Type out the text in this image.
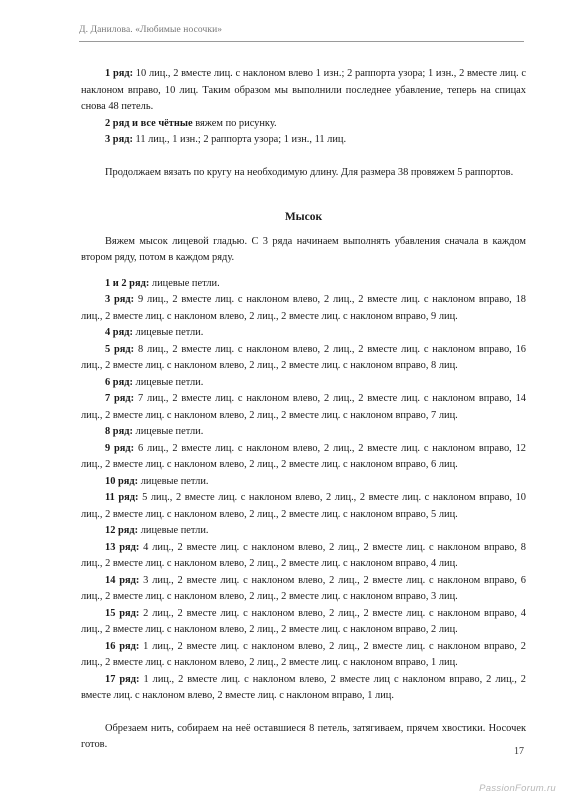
Д. Данилова. «Любимые носочки»

1 ряд: 10 лиц., 2 вместе лиц. с наклоном влево 1 изн.; 2 раппорта узора; 1 изн., 2 вместе лиц. с наклоном вправо, 10 лиц. Таким образом мы выполнили последнее убавление, теперь на спицах снова 48 петель.

2 ряд и все чётные вяжем по рисунку.

3 ряд: 11 лиц., 1 изн.; 2 раппорта узора; 1 изн., 11 лиц.

Продолжаем вязать по кругу на необходимую длину. Для размера 38 провяжем 5 раппортов.

Мысок

Вяжем мысок лицевой гладью. С 3 ряда начинаем выполнять убавления сначала в каждом втором ряду, потом в каждом ряду.

1 и 2 ряд: лицевые петли.

3 ряд: 9 лиц., 2 вместе лиц. с наклоном влево, 2 лиц., 2 вместе лиц. с наклоном вправо, 18 лиц., 2 вместе лиц. с наклоном влево, 2 лиц., 2 вместе лиц. с наклоном вправо, 9 лиц.

4 ряд: лицевые петли.

5 ряд: 8 лиц., 2 вместе лиц. с наклоном влево, 2 лиц., 2 вместе лиц. с наклоном вправо, 16 лиц., 2 вместе лиц. с наклоном влево, 2 лиц., 2 вместе лиц. с наклоном вправо, 8 лиц.

6 ряд: лицевые петли.

7 ряд: 7 лиц., 2 вместе лиц. с наклоном влево, 2 лиц., 2 вместе лиц. с наклоном вправо, 14 лиц., 2 вместе лиц. с наклоном влево, 2 лиц., 2 вместе лиц. с наклоном вправо, 7 лиц.

8 ряд: лицевые петли.

9 ряд: 6 лиц., 2 вместе лиц. с наклоном влево, 2 лиц., 2 вместе лиц. с наклоном вправо, 12 лиц., 2 вместе лиц. с наклоном влево, 2 лиц., 2 вместе лиц. с наклоном вправо, 6 лиц.

10 ряд: лицевые петли.

11 ряд: 5 лиц., 2 вместе лиц. с наклоном влево, 2 лиц., 2 вместе лиц. с наклоном вправо, 10 лиц., 2 вместе лиц. с наклоном влево, 2 лиц., 2 вместе лиц. с наклоном вправо, 5 лиц.

12 ряд: лицевые петли.

13 ряд: 4 лиц., 2 вместе лиц. с наклоном влево, 2 лиц., 2 вместе лиц. с наклоном вправо, 8 лиц., 2 вместе лиц. с наклоном влево, 2 лиц., 2 вместе лиц. с наклоном вправо, 4 лиц.

14 ряд: 3 лиц., 2 вместе лиц. с наклоном влево, 2 лиц., 2 вместе лиц. с наклоном вправо, 6 лиц., 2 вместе лиц. с наклоном влево, 2 лиц., 2 вместе лиц. с наклоном вправо, 3 лиц.

15 ряд: 2 лиц., 2 вместе лиц. с наклоном влево, 2 лиц., 2 вместе лиц. с наклоном вправо, 4 лиц., 2 вместе лиц. с наклоном влево, 2 лиц., 2 вместе лиц. с наклоном вправо, 2 лиц.

16 ряд: 1 лиц., 2 вместе лиц. с наклоном влево, 2 лиц., 2 вместе лиц. с наклоном вправо, 2 лиц., 2 вместе лиц. с наклоном влево, 2 лиц., 2 вместе лиц. с наклоном вправо, 1 лиц.

17 ряд: 1 лиц., 2 вместе лиц. с наклоном влево, 2 вместе лиц с наклоном вправо, 2 лиц., 2 вместе лиц. с наклоном влево, 2 вместе лиц. с наклоном вправо, 1 лиц.

Обрезаем нить, собираем на неё оставшиеся 8 петель, затягиваем, прячем хвостики. Носочек готов.

17
PassionForum.ru
